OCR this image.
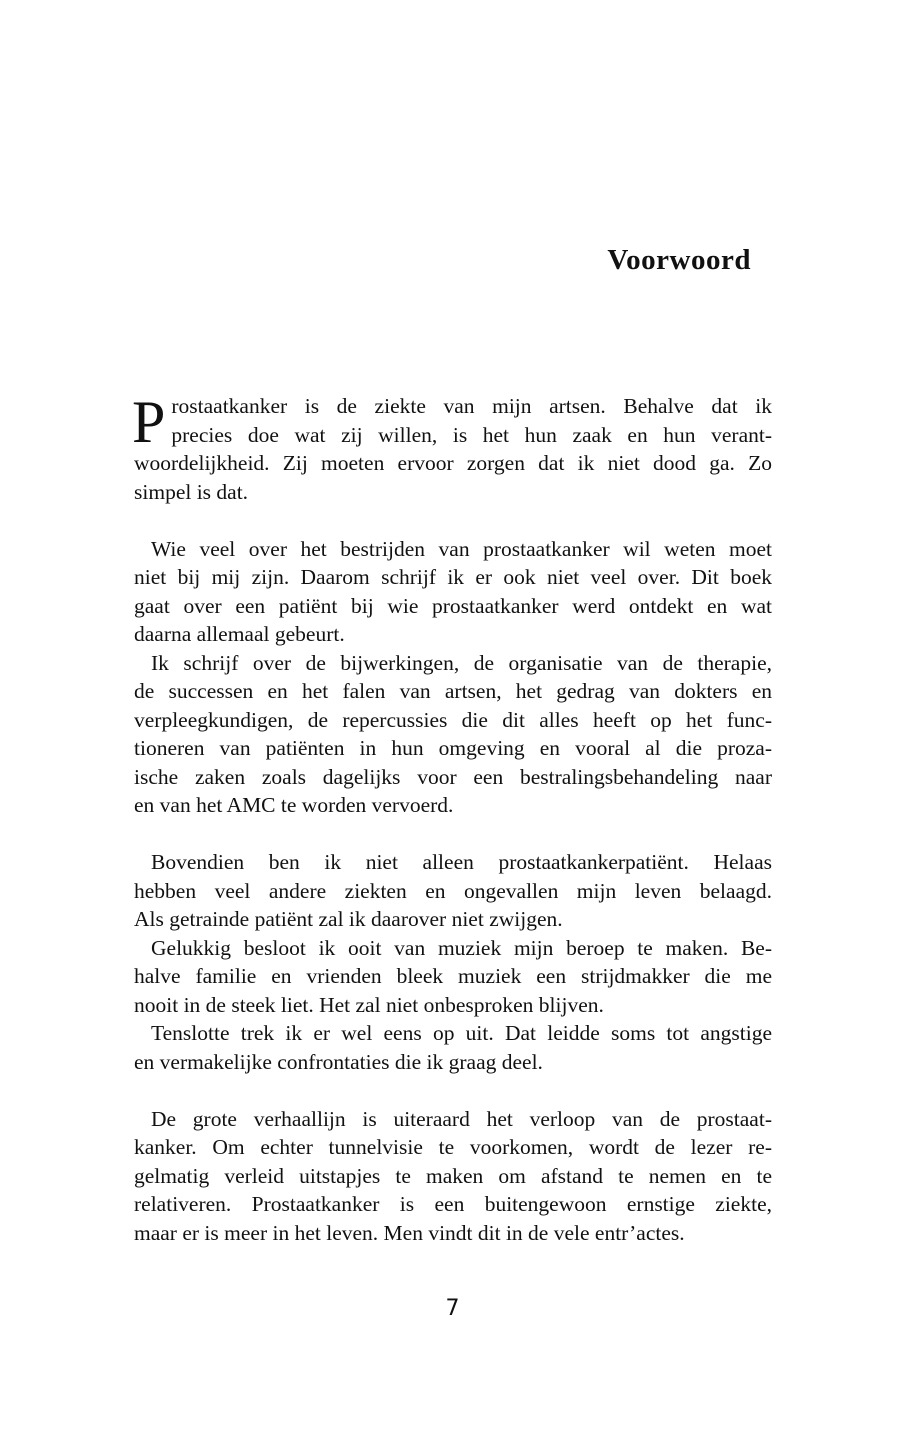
Voorwoord
P rostaatkanker is de ziekte van mijn artsen. Behalve dat ik
precies doe wat zij willen, is het hun zaak en hun verant-
woordelijkheid. Zij moeten ervoor zorgen dat ik niet dood ga. Zo
simpel is dat.
Wie veel over het bestrijden van prostaatkanker wil weten moet
niet bij mij zijn. Daarom schrijf ik er ook niet veel over. Dit boek
gaat over een patiënt bij wie prostaatkanker werd ontdekt en wat
daarna allemaal gebeurt.
Ik schrijf over de bijwerkingen, de organisatie van de therapie,
de successen en het falen van artsen, het gedrag van dokters en
verpleegkundigen, de repercussies die dit alles heeft op het func-
tioneren van patiënten in hun omgeving en vooral al die proza-
ische zaken zoals dagelijks voor een bestralingsbehandeling naar
en van het AMC te worden vervoerd.
Bovendien ben ik niet alleen prostaatkankerpatiënt. Helaas
hebben veel andere ziekten en ongevallen mijn leven belaagd.
Als getrainde patiënt zal ik daarover niet zwijgen.
Gelukkig besloot ik ooit van muziek mijn beroep te maken. Be-
halve familie en vrienden bleek muziek een strijdmakker die me
nooit in de steek liet. Het zal niet onbesproken blijven.
Tenslotte trek ik er wel eens op uit. Dat leidde soms tot angstige
en vermakelijke confrontaties die ik graag deel.
De grote verhaallijn is uiteraard het verloop van de prostaat-
kanker. Om echter tunnelvisie te voorkomen, wordt de lezer re-
gelmatig verleid uitstapjes te maken om afstand te nemen en te
relativeren. Prostaatkanker is een buitengewoon ernstige ziekte,
maar er is meer in het leven. Men vindt dit in de vele entr’actes.
7
